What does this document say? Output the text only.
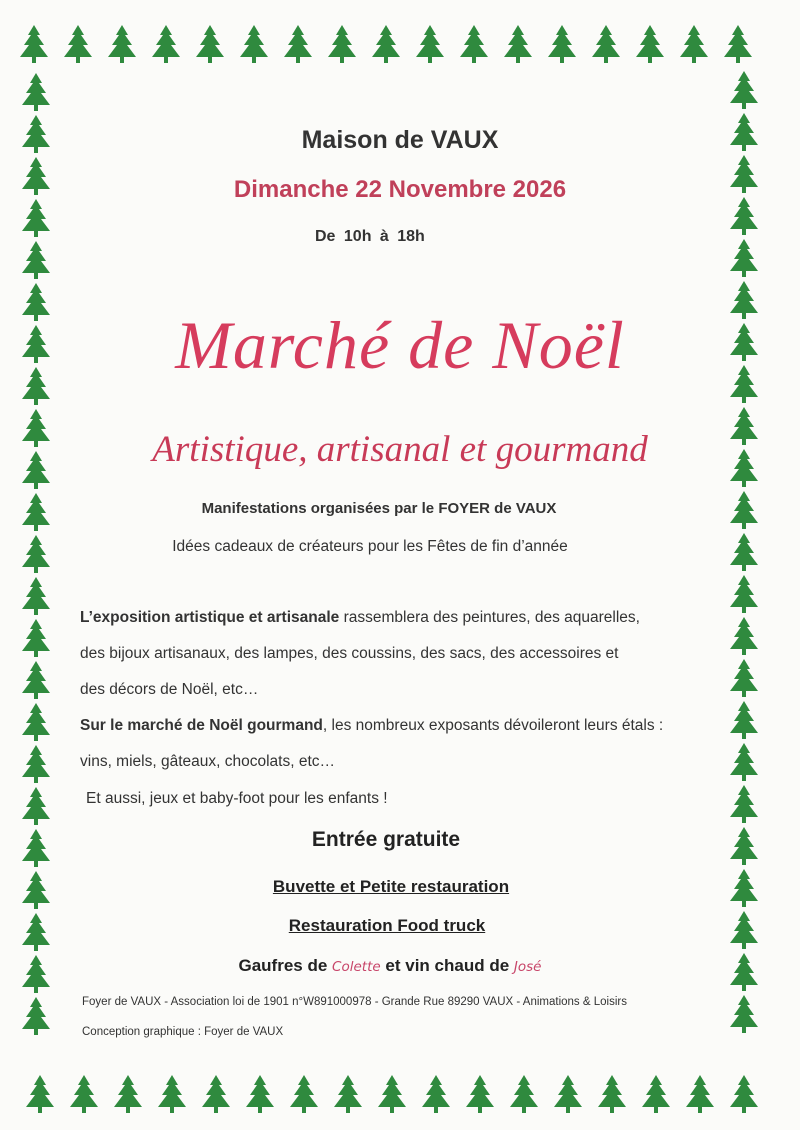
Maison de VAUX
Dimanche 22 Novembre 2026
De 10h à 18h
Marché de Noël
Artistique, artisanal et gourmand
Manifestations organisées par le FOYER de VAUX
Idées cadeaux de créateurs pour les Fêtes de fin d’année
L’exposition artistique et artisanale rassemblera des peintures, des aquarelles,
des bijoux artisanaux, des lampes, des coussins, des sacs, des accessoires et
des décors de Noël, etc…
Sur le marché de Noël gourmand, les nombreux exposants dévoileront leurs étals :
vins, miels, gâteaux, chocolats, etc…
Et aussi, jeux et baby-foot pour les enfants !
Entrée gratuite
Buvette et Petite restauration
Restauration Food truck
Gaufres de Colette et vin chaud de José
Foyer de VAUX - Association loi de 1901 n°W891000978 - Grande Rue 89290 VAUX - Animations & Loisirs
Conception graphique : Foyer de VAUX
